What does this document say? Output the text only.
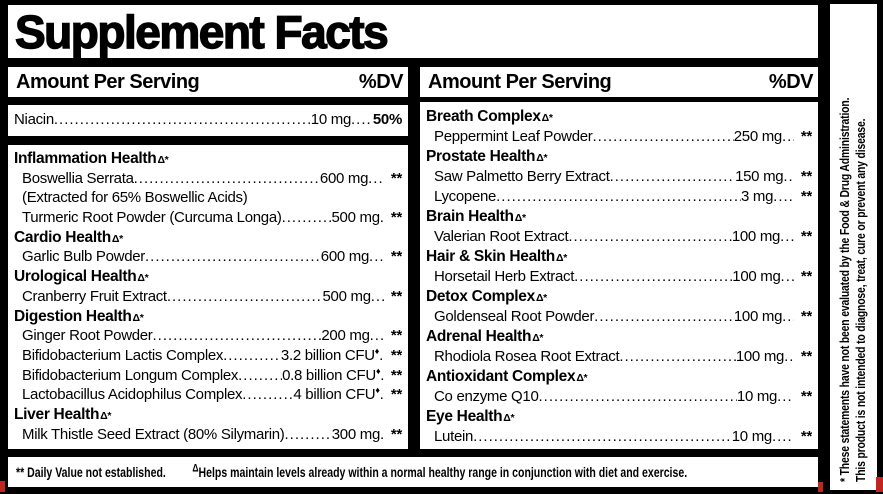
Supplement Facts
Amount Per Serving	%DV Amount Per Serving	%DV
Niacin .....	10 mg ..... 50%
Inflammation Health Δ*
Boswellia Serrata .....	600 mg .....	**
(Extracted for 65% Boswellic Acids)
Turmeric Root Powder (Curcuma Longa) .....	500 mg ..... **
Cardio Health Δ*
Garlic Bulb Powder .....	600 mg .....	**
Urological Health Δ*
Cranberry Fruit Extract .....	500 mg .....	**
Digestion Health Δ*
Ginger Root Powder .....	200 mg .....	**
Bifidobacterium Lactis Complex .....	3.2 billion CFU♦ ..... **
Bifidobacterium Longum Complex .....	0.8 billion CFU♦ ..... **
Lactobacillus Acidophilus Complex .....	4 billion CFU♦ ..... **
Liver Health Δ*
Milk Thistle Seed Extract (80% Silymarin) .....	300 mg ..... **
Breath Complex Δ*
Peppermint Leaf Powder .....	250 mg .....	**
Prostate Health Δ*
Saw Palmetto Berry Extract .....	150 mg .....	**
Lycopene .....	3 mg .....	**
Brain Health Δ*
Valerian Root Extract .....	100 mg .....	**
Hair & Skin Health Δ*
Horsetail Herb Extract .....	100 mg .....	**
Detox Complex Δ*
Goldenseal Root Powder .....	100 mg .....	**
Adrenal Health Δ*
Rhodiola Rosea Root Extract .....	100 mg .....	**
Antioxidant Complex Δ*
Co enzyme Q10 .....	10 mg .....	**
Eye Health Δ*
Lutein .....	10 mg .....	**
** Daily Value not established. $^\Delta$Helps maintain levels already within a normal healthy range in conjunction with diet and exercise.	* These statements have not been evaluated by the Food & Drug Administration. This product is not intended to diagnose, treat, cure or prevent any disease.
